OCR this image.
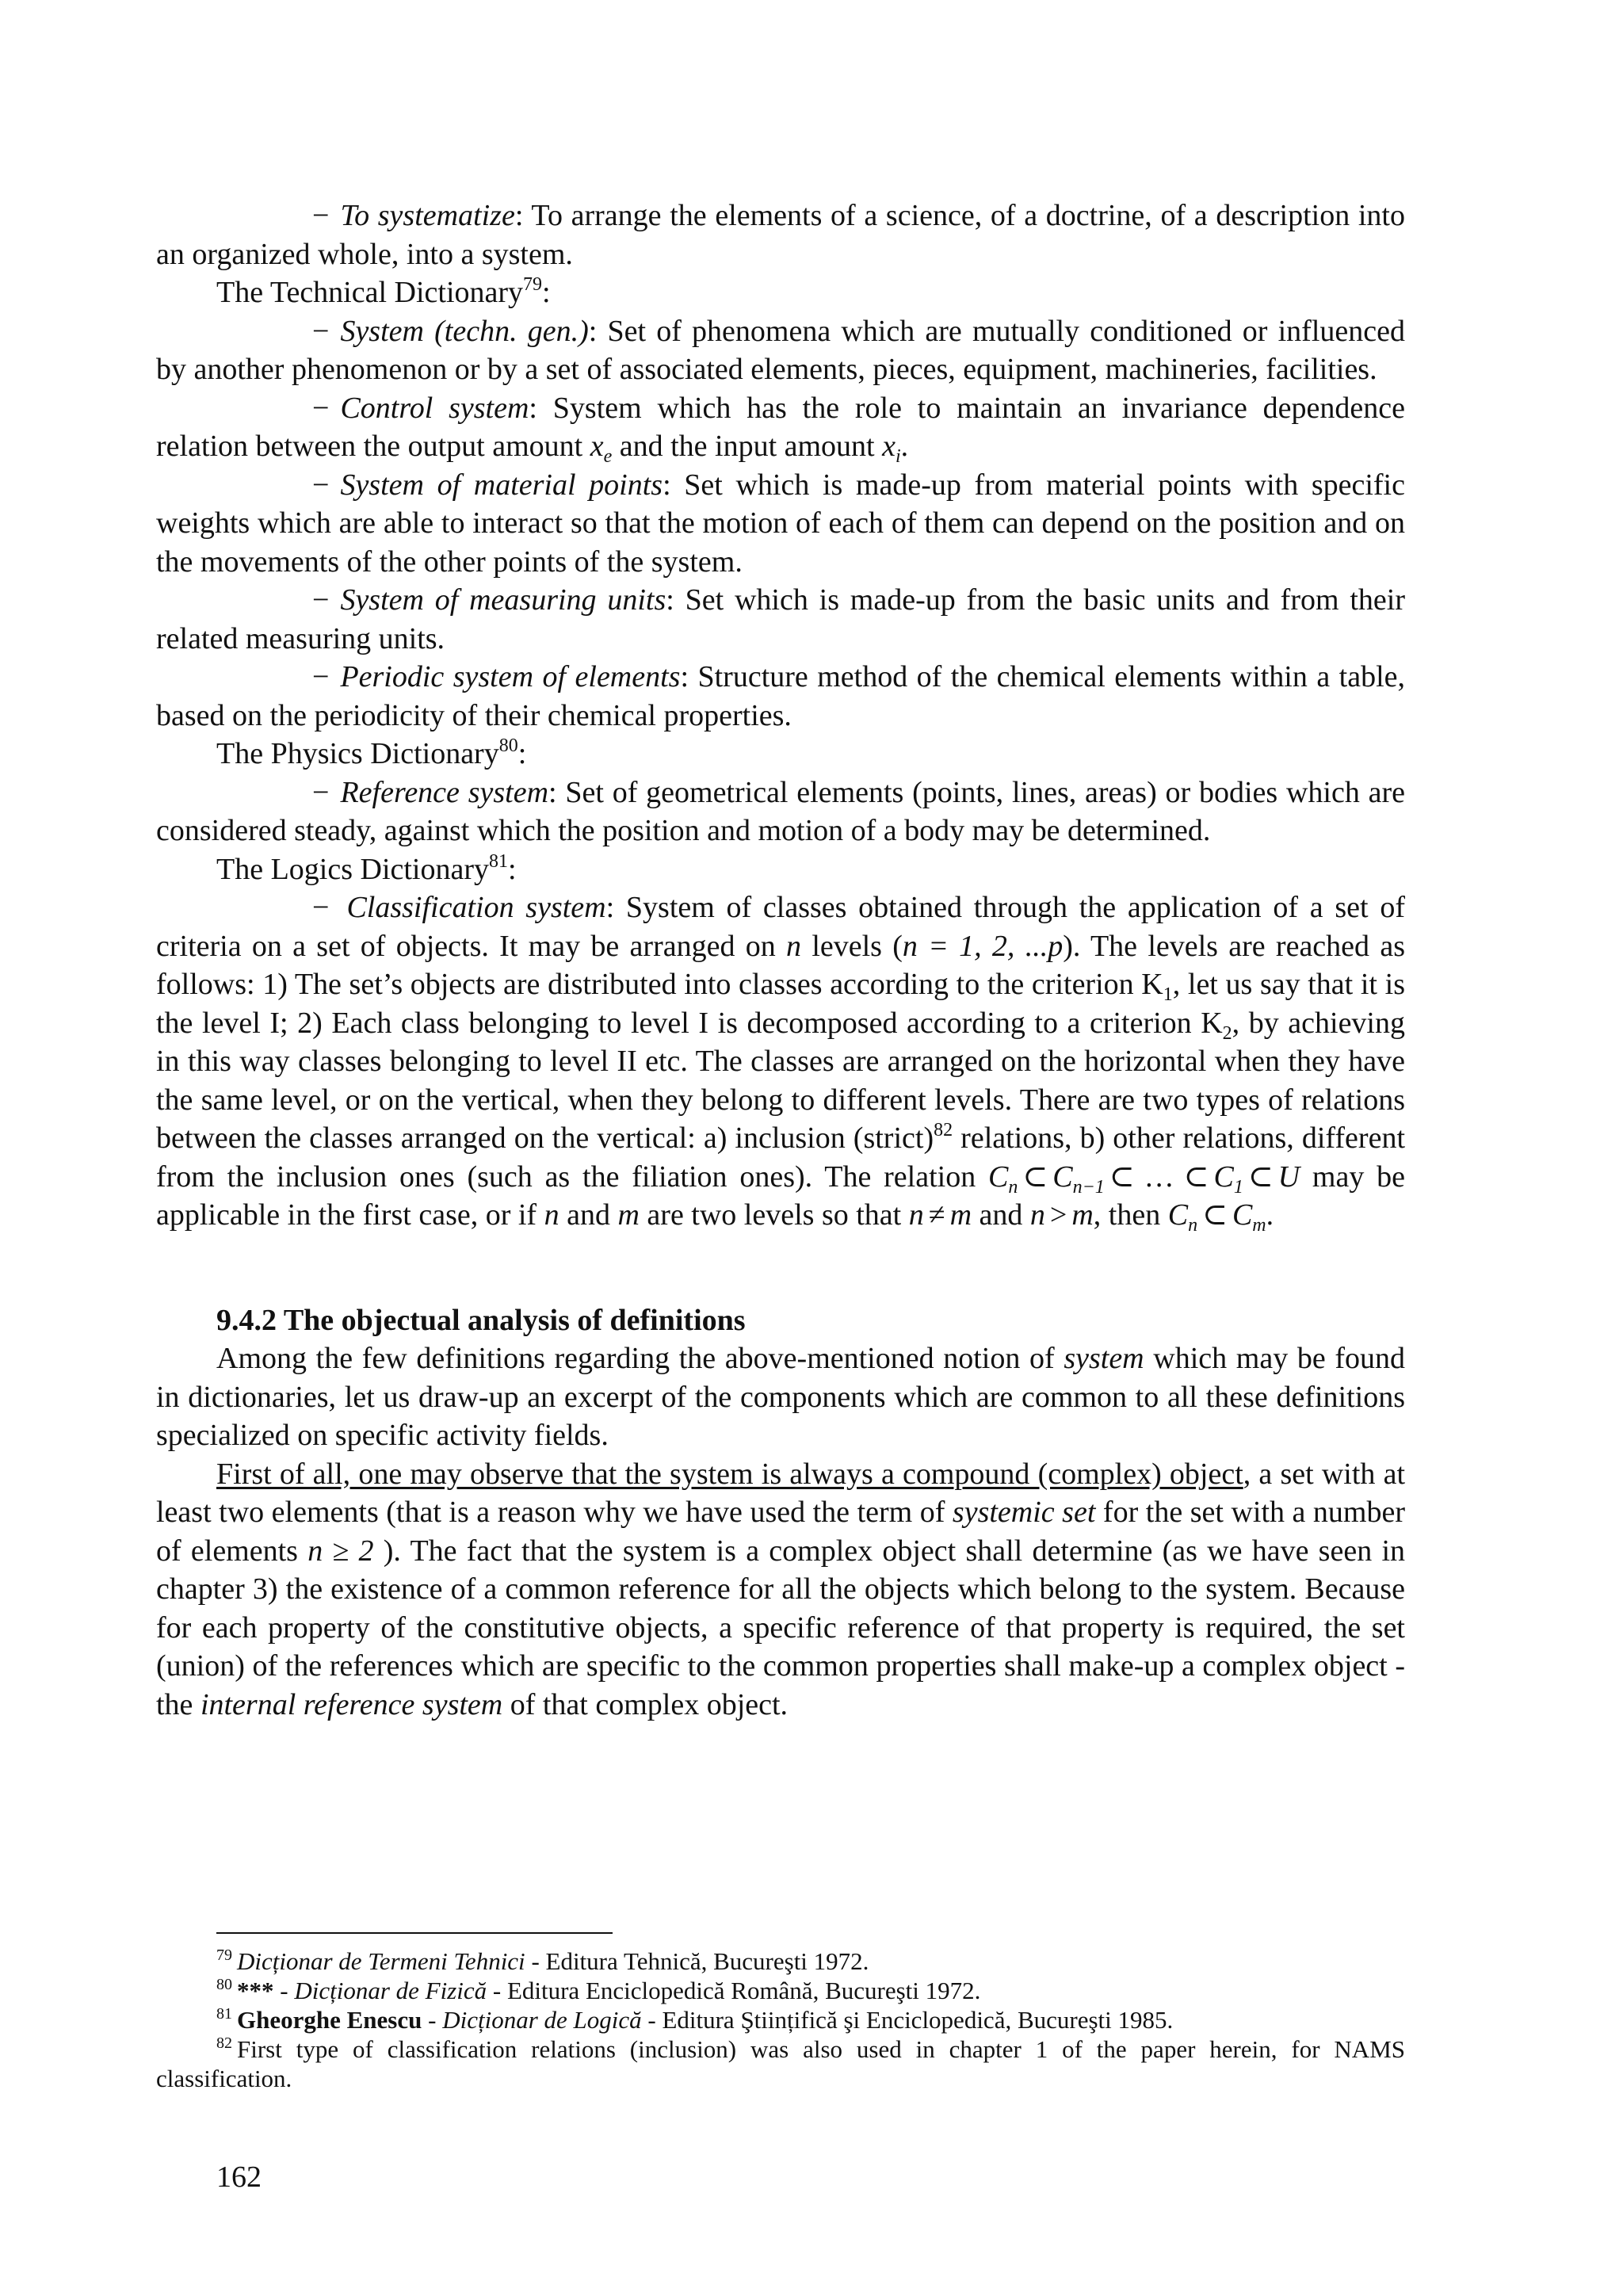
− To systematize: To arrange the elements of a science, of a doctrine, of a description into an organized whole, into a system.

The Technical Dictionary$^{79}$:

− System (techn. gen.): Set of phenomena which are mutually conditioned or influenced by another phenomenon or by a set of associated elements, pieces, equipment, machineries, facilities.

− Control system: System which has the role to maintain an invariance dependence relation between the output amount $x_e$ and the input amount $x_i$.

− System of material points: Set which is made-up from material points with specific weights which are able to interact so that the motion of each of them can depend on the position and on the movements of the other points of the system.

− System of measuring units: Set which is made-up from the basic units and from their related measuring units.

− Periodic system of elements: Structure method of the chemical elements within a table, based on the periodicity of their chemical properties.

The Physics Dictionary$^{80}$:

− Reference system: Set of geometrical elements (points, lines, areas) or bodies which are considered steady, against which the position and motion of a body may be determined.

The Logics Dictionary$^{81}$:

− Classification system: System of classes obtained through the application of a set of criteria on a set of objects. It may be arranged on n levels (n = 1, 2, ...p). The levels are reached as follows: 1) The set’s objects are distributed into classes according to the criterion $K_1$, let us say that it is the level I; 2) Each class belonging to level I is decomposed according to a criterion $K_2$, by achieving in this way classes belonging to level II etc. The classes are arranged on the horizontal when they have the same level, or on the vertical, when they belong to different levels. There are two types of relations between the classes arranged on the vertical: a) inclusion (strict)$^{82}$ relations, b) other relations, different from the inclusion ones (such as the filiation ones). The relation $C_n$ ⊂ $C_{n-1}$ ⊂ … ⊂ $C_1$ ⊂ U may be applicable in the first case, or if n and m are two levels so that n ≠ m and n > m, then $C_n$ ⊂ $C_m$.

9.4.2 The objectual analysis of definitions

Among the few definitions regarding the above-mentioned notion of system which may be found in dictionaries, let us draw-up an excerpt of the components which are common to all these definitions specialized on specific activity fields.

First of all, one may observe that the system is always a compound (complex) object, a set with at least two elements (that is a reason why we have used the term of systemic set for the set with a number of elements n ≥ 2 ). The fact that the system is a complex object shall determine (as we have seen in chapter 3) the existence of a common reference for all the objects which belong to the system. Because for each property of the constitutive objects, a specific reference of that property is required, the set (union) of the references which are specific to the common properties shall make-up a complex object - the internal reference system of that complex object.

$^{79}$ Dicționar de Termeni Tehnici - Editura Tehnică, Bucureşti 1972.

$^{80}$ *** - Dicționar de Fizică - Editura Enciclopedică Română, Bucureşti 1972.

$^{81}$ Gheorghe Enescu - Dicționar de Logică - Editura Ştiințifică şi Enciclopedică, Bucureşti 1985.

$^{82}$ First type of classification relations (inclusion) was also used in chapter 1 of the paper herein, for NAMS classification.

162
